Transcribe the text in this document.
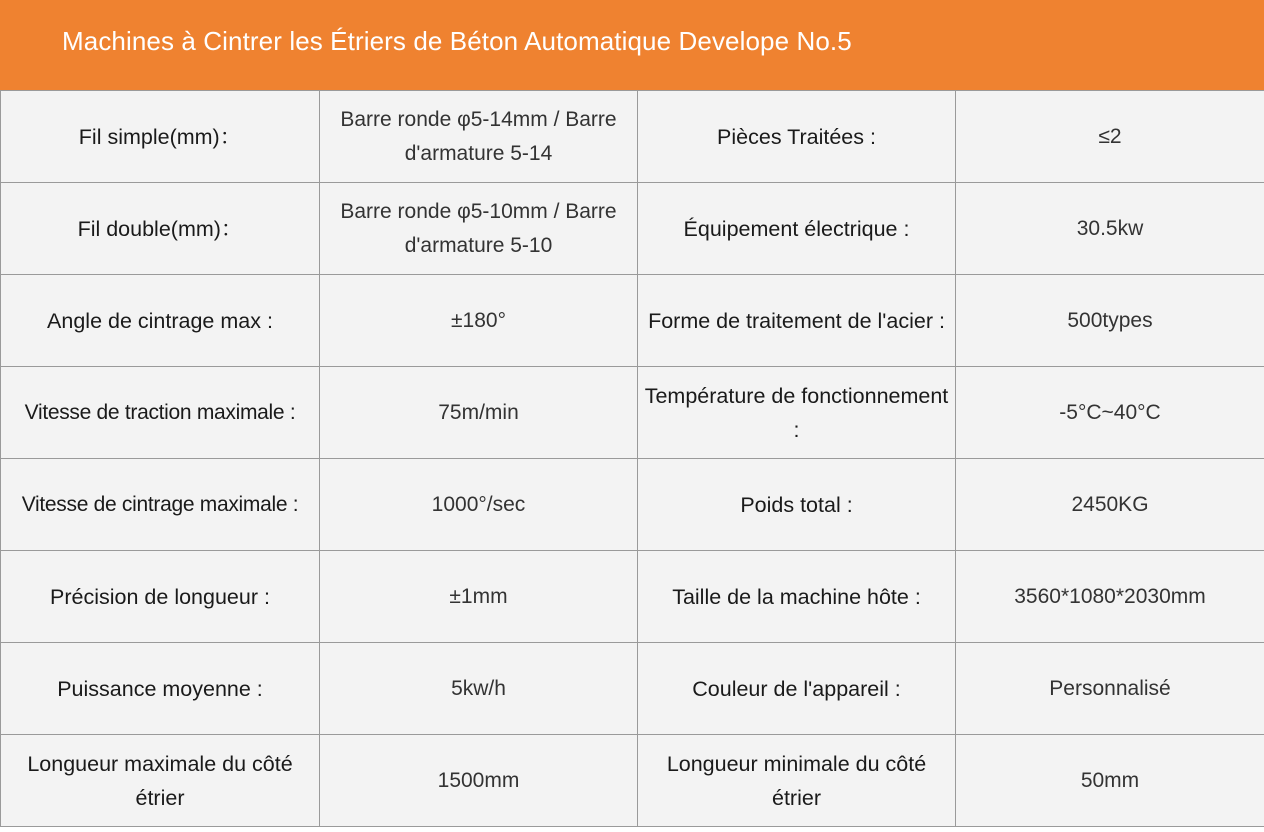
Machines à Cintrer les Étriers de Béton Automatique Develope No.5
Fil simple(mm)：	Barre ronde φ5-14mm / Barre d'armature 5-14	Pièces Traitées :	≤2
Fil double(mm)：	Barre ronde φ5-10mm / Barre d'armature 5-10	Équipement électrique :	30.5kw
Angle de cintrage max :	±180°	Forme de traitement de l'acier :	500types
Vitesse de traction maximale :	75m/min	Température de fonctionnement :	-5°C~40°C
Vitesse de cintrage maximale :	1000°/sec	Poids total :	2450KG
Précision de longueur :	±1mm	Taille de la machine hôte :	3560*1080*2030mm
Puissance moyenne :	5kw/h	Couleur de l'appareil :	Personnalisé
Longueur maximale du côté étrier	1500mm	Longueur minimale du côté étrier	50mm
